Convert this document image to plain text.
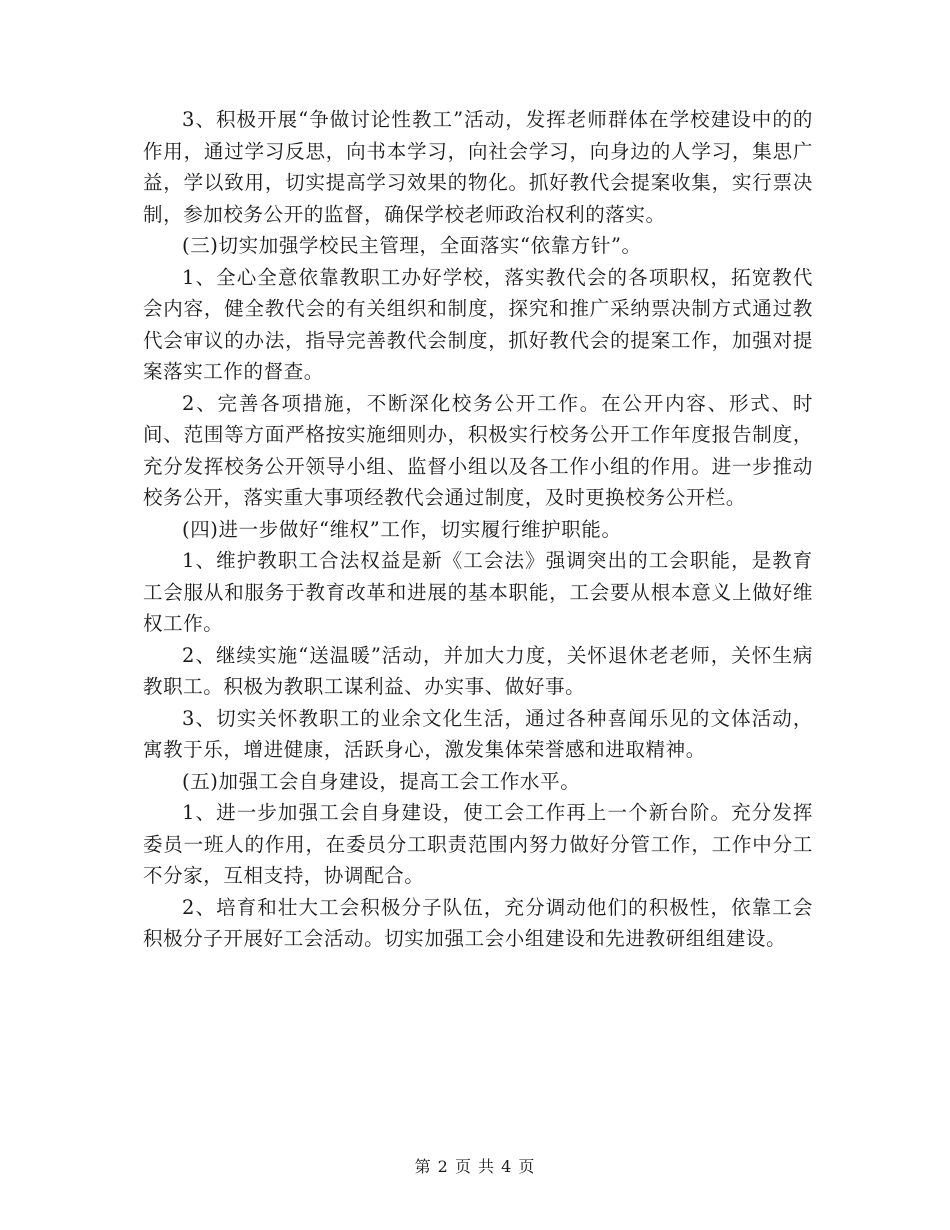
3、积极开展“争做讨论性教工”活动，发挥老师群体在学校建设中的的作用，通过学习反思，向书本学习，向社会学习，向身边的人学习，集思广益，学以致用，切实提高学习效果的物化。抓好教代会提案收集，实行票决制，参加校务公开的监督，确保学校老师政治权利的落实。

(三)切实加强学校民主管理，全面落实“依靠方针”。

1、全心全意依靠教职工办好学校，落实教代会的各项职权，拓宽教代会内容，健全教代会的有关组织和制度，探究和推广采纳票决制方式通过教代会审议的办法，指导完善教代会制度，抓好教代会的提案工作，加强对提案落实工作的督查。

2、完善各项措施，不断深化校务公开工作。在公开内容、形式、时间、范围等方面严格按实施细则办，积极实行校务公开工作年度报告制度，充分发挥校务公开领导小组、监督小组以及各工作小组的作用。进一步推动校务公开，落实重大事项经教代会通过制度，及时更换校务公开栏。

(四)进一步做好“维权”工作，切实履行维护职能。

1、维护教职工合法权益是新《工会法》强调突出的工会职能，是教育工会服从和服务于教育改革和进展的基本职能，工会要从根本意义上做好维权工作。

2、继续实施“送温暖”活动，并加大力度，关怀退休老老师，关怀生病教职工。积极为教职工谋利益、办实事、做好事。

3、切实关怀教职工的业余文化生活，通过各种喜闻乐见的文体活动，寓教于乐，增进健康，活跃身心，激发集体荣誉感和进取精神。

(五)加强工会自身建设，提高工会工作水平。

1、进一步加强工会自身建设，使工会工作再上一个新台阶。充分发挥委员一班人的作用，在委员分工职责范围内努力做好分管工作，工作中分工不分家，互相支持，协调配合。

2、培育和壮大工会积极分子队伍，充分调动他们的积极性，依靠工会积极分子开展好工会活动。切实加强工会小组建设和先进教研组组建设。

第 2 页 共 4 页
